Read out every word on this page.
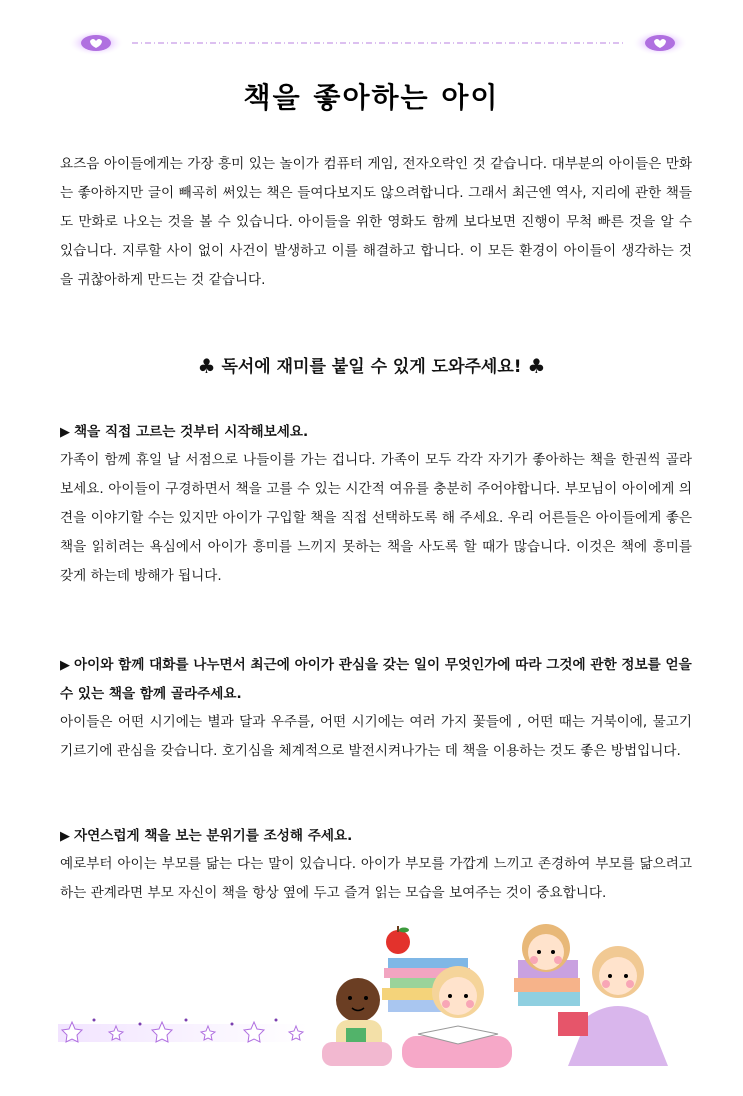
책을 좋아하는 아이

요즈음 아이들에게는 가장 흥미 있는 놀이가 컴퓨터 게임, 전자오락인 것 같습니다. 대부분의 아이들은 만화는 좋아하지만 글이 빼곡히 써있는 책은 들여다보지도 않으려합니다. 그래서 최근엔 역사, 지리에 관한 책들도 만화로 나오는 것을 볼 수 있습니다. 아이들을 위한 영화도 함께 보다보면 진행이 무척 빠른 것을 알 수 있습니다. 지루할 사이 없이 사건이 발생하고 이를 해결하고 합니다. 이 모든 환경이 아이들이 생각하는 것을 귀찮아하게 만드는 것 같습니다.

♣ 독서에 재미를 붙일 수 있게 도와주세요! ♣

▶ 책을 직접 고르는 것부터 시작해보세요.

가족이 함께 휴일 날 서점으로 나들이를 가는 겁니다. 가족이 모두 각각 자기가 좋아하는 책을 한권씩 골라보세요. 아이들이 구경하면서 책을 고를 수 있는 시간적 여유를 충분히 주어야합니다. 부모님이 아이에게 의견을 이야기할 수는 있지만 아이가 구입할 책을 직접 선택하도록 해 주세요. 우리 어른들은 아이들에게 좋은 책을 읽히려는 욕심에서 아이가 흥미를 느끼지 못하는 책을 사도록 할 때가 많습니다. 이것은 책에 흥미를 갖게 하는데 방해가 됩니다.

▶ 아이와 함께 대화를 나누면서 최근에 아이가 관심을 갖는 일이 무엇인가에 따라 그것에 관한 정보를 얻을 수 있는 책을 함께 골라주세요.

아이들은 어떤 시기에는 별과 달과 우주를, 어떤 시기에는 여러 가지 꽃들에 , 어떤 때는 거북이에, 물고기 기르기에 관심을 갖습니다. 호기심을 체계적으로 발전시켜나가는 데 책을 이용하는 것도 좋은 방법입니다.

▶ 자연스럽게 책을 보는 분위기를 조성해 주세요.

예로부터 아이는 부모를 닮는 다는 말이 있습니다. 아이가 부모를 가깝게 느끼고 존경하여 부모를 닮으려고하는 관계라면 부모 자신이 책을 항상 옆에 두고 즐겨 읽는 모습을 보여주는 것이 중요합니다.
